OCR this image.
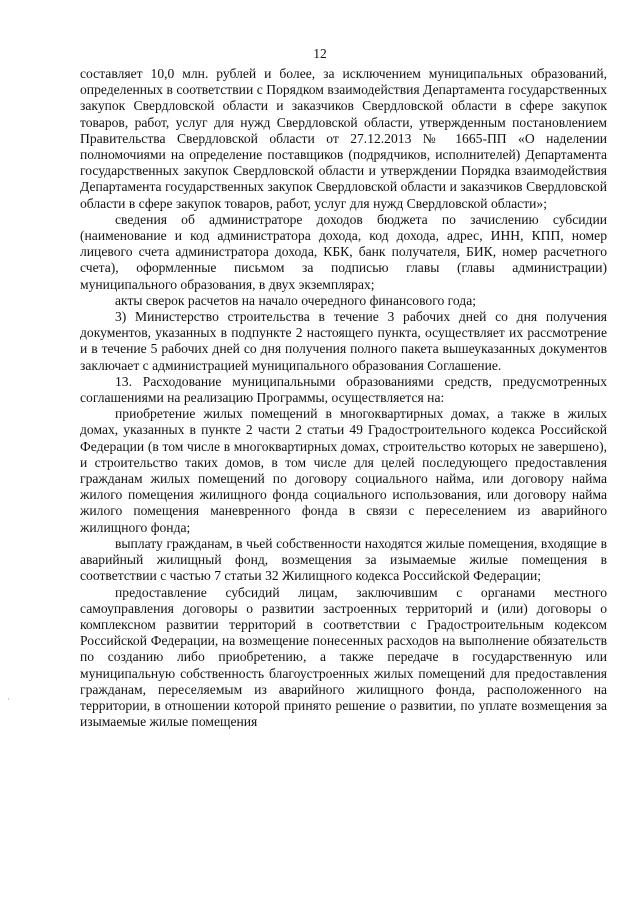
12

составляет 10,0 млн. рублей и более, за исключением муниципальных образований, определенных в соответствии с Порядком взаимодействия Департамента государственных закупок Свердловской области и заказчиков Свердловской области в сфере закупок товаров, работ, услуг для нужд Свердловской области, утвержденным постановлением Правительства Свердловской области от 27.12.2013 № 1665-ПП «О наделении полномочиями на определение поставщиков (подрядчиков, исполнителей) Департамента государственных закупок Свердловской области и утверждении Порядка взаимодействия Департамента государственных закупок Свердловской области и заказчиков Свердловской области в сфере закупок товаров, работ, услуг для нужд Свердловской области»;

сведения об администраторе доходов бюджета по зачислению субсидии (наименование и код администратора дохода, код дохода, адрес, ИНН, КПП, номер лицевого счета администратора дохода, КБК, банк получателя, БИК, номер расчетного счета), оформленные письмом за подписью главы (главы администрации) муниципального образования, в двух экземплярах;

акты сверок расчетов на начало очередного финансового года;

3) Министерство строительства в течение 3 рабочих дней со дня получения документов, указанных в подпункте 2 настоящего пункта, осуществляет их рассмотрение и в течение 5 рабочих дней со дня получения полного пакета вышеуказанных документов заключает с администрацией муниципального образования Соглашение.

13. Расходование муниципальными образованиями средств, предусмотренных соглашениями на реализацию Программы, осуществляется на:

приобретение жилых помещений в многоквартирных домах, а также в жилых домах, указанных в пункте 2 части 2 статьи 49 Градостроительного кодекса Российской Федерации (в том числе в многоквартирных домах, строительство которых не завершено), и строительство таких домов, в том числе для целей последующего предоставления гражданам жилых помещений по договору социального найма, или договору найма жилого помещения жилищного фонда социального использования, или договору найма жилого помещения маневренного фонда в связи с переселением из аварийного жилищного фонда;

выплату гражданам, в чьей собственности находятся жилые помещения, входящие в аварийный жилищный фонд, возмещения за изымаемые жилые помещения в соответствии с частью 7 статьи 32 Жилищного кодекса Российской Федерации;

предоставление субсидий лицам, заключившим с органами местного самоуправления договоры о развитии застроенных территорий и (или) договоры о комплексном развитии территорий в соответствии с Градостроительным кодексом Российской Федерации, на возмещение понесенных расходов на выполнение обязательств по созданию либо приобретению, а также передаче в государственную или муниципальную собственность благоустроенных жилых помещений для предоставления гражданам, переселяемым из аварийного жилищного фонда, расположенного на территории, в отношении которой принято решение о развитии, по уплате возмещения за изымаемые жилые помещения

·
